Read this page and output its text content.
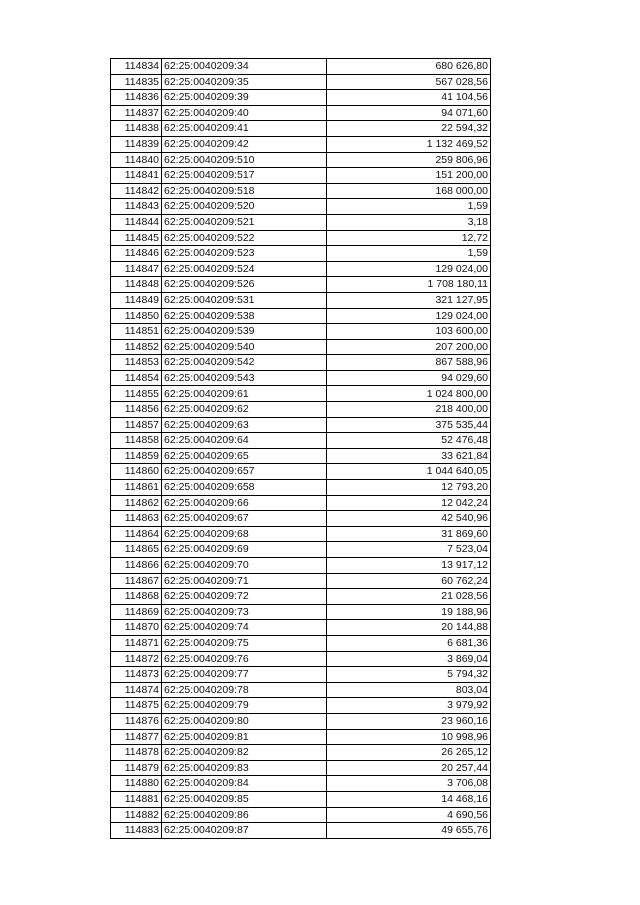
114834	62:25:0040209:34	680 626,80
114835	62:25:0040209:35	567 028,56
114836	62:25:0040209:39	41 104,56
114837	62:25:0040209:40	94 071,60
114838	62:25:0040209:41	22 594,32
114839	62:25:0040209:42	1 132 469,52
114840	62:25:0040209:510	259 806,96
114841	62:25:0040209:517	151 200,00
114842	62:25:0040209:518	168 000,00
114843	62:25:0040209:520	1,59
114844	62:25:0040209:521	3,18
114845	62:25:0040209:522	12,72
114846	62:25:0040209:523	1,59
114847	62:25:0040209:524	129 024,00
114848	62:25:0040209:526	1 708 180,11
114849	62:25:0040209:531	321 127,95
114850	62:25:0040209:538	129 024,00
114851	62:25:0040209:539	103 600,00
114852	62:25:0040209:540	207 200,00
114853	62:25:0040209:542	867 588,96
114854	62:25:0040209:543	94 029,60
114855	62:25:0040209:61	1 024 800,00
114856	62:25:0040209:62	218 400,00
114857	62:25:0040209:63	375 535,44
114858	62:25:0040209:64	52 476,48
114859	62:25:0040209:65	33 621,84
114860	62:25:0040209:657	1 044 640,05
114861	62:25:0040209:658	12 793,20
114862	62:25:0040209:66	12 042,24
114863	62:25:0040209:67	42 540,96
114864	62:25:0040209:68	31 869,60
114865	62:25:0040209:69	7 523,04
114866	62:25:0040209:70	13 917,12
114867	62:25:0040209:71	60 762,24
114868	62:25:0040209:72	21 028,56
114869	62:25:0040209:73	19 188,96
114870	62:25:0040209:74	20 144,88
114871	62:25:0040209:75	6 681,36
114872	62:25:0040209:76	3 869,04
114873	62:25:0040209:77	5 794,32
114874	62:25:0040209:78	803,04
114875	62:25:0040209:79	3 979,92
114876	62:25:0040209:80	23 960,16
114877	62:25:0040209:81	10 998,96
114878	62:25:0040209:82	26 265,12
114879	62:25:0040209:83	20 257,44
114880	62:25:0040209:84	3 706,08
114881	62:25:0040209:85	14 468,16
114882	62:25:0040209:86	4 690,56
114883	62:25:0040209:87	49 655,76
